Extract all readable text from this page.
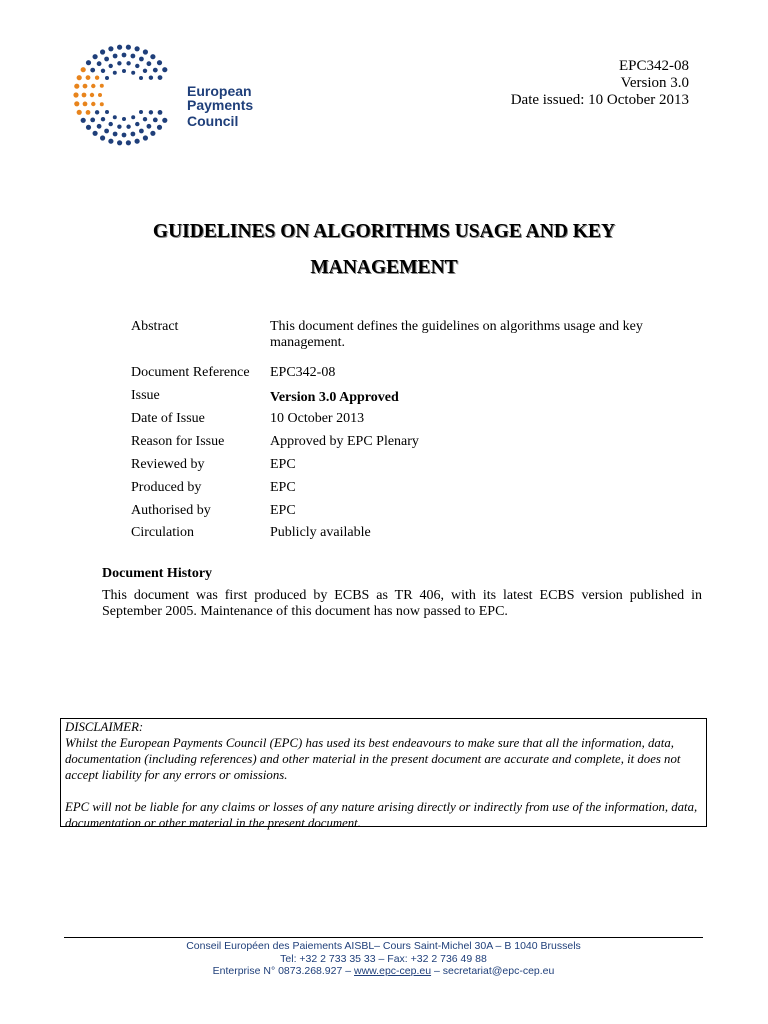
European
Payments Council
EPC342-08
Version 3.0
Date issued: 10 October 2013
GUIDELINES ON ALGORITHMS USAGE AND KEY
MANAGEMENT
Abstract	This document defines the guidelines on algorithms usage and key management.
Document Reference EPC342-08
Issue	Version 3.0 Approved
Date of Issue	10 October 2013
Reason for Issue	Approved by EPC Plenary
Reviewed by	EPC
Produced by	EPC
Authorised by	EPC
Circulation	Publicly available
Document History
This document was first produced by ECBS as TR 406, with its latest ECBS version published in September 2005. Maintenance of this document has now passed to EPC.

DISCLAIMER:

Whilst the European Payments Council (EPC) has used its best endeavours to make sure that all the information, data, documentation (including references) and other material in the present document are accurate and complete, it does not accept liability for any errors or omissions.

EPC will not be liable for any claims or losses of any nature arising directly or indirectly from use of the information, data, documentation or other material in the present document.

Conseil Européen des Paiements AISBL– Cours Saint-Michel 30A – B 1040 Brussels
Tel: +32 2 733 35 33 – Fax: +32 2 736 49 88
Enterprise N° 0873.268.927 – www.epc-cep.eu – secretariat@epc-cep.eu
